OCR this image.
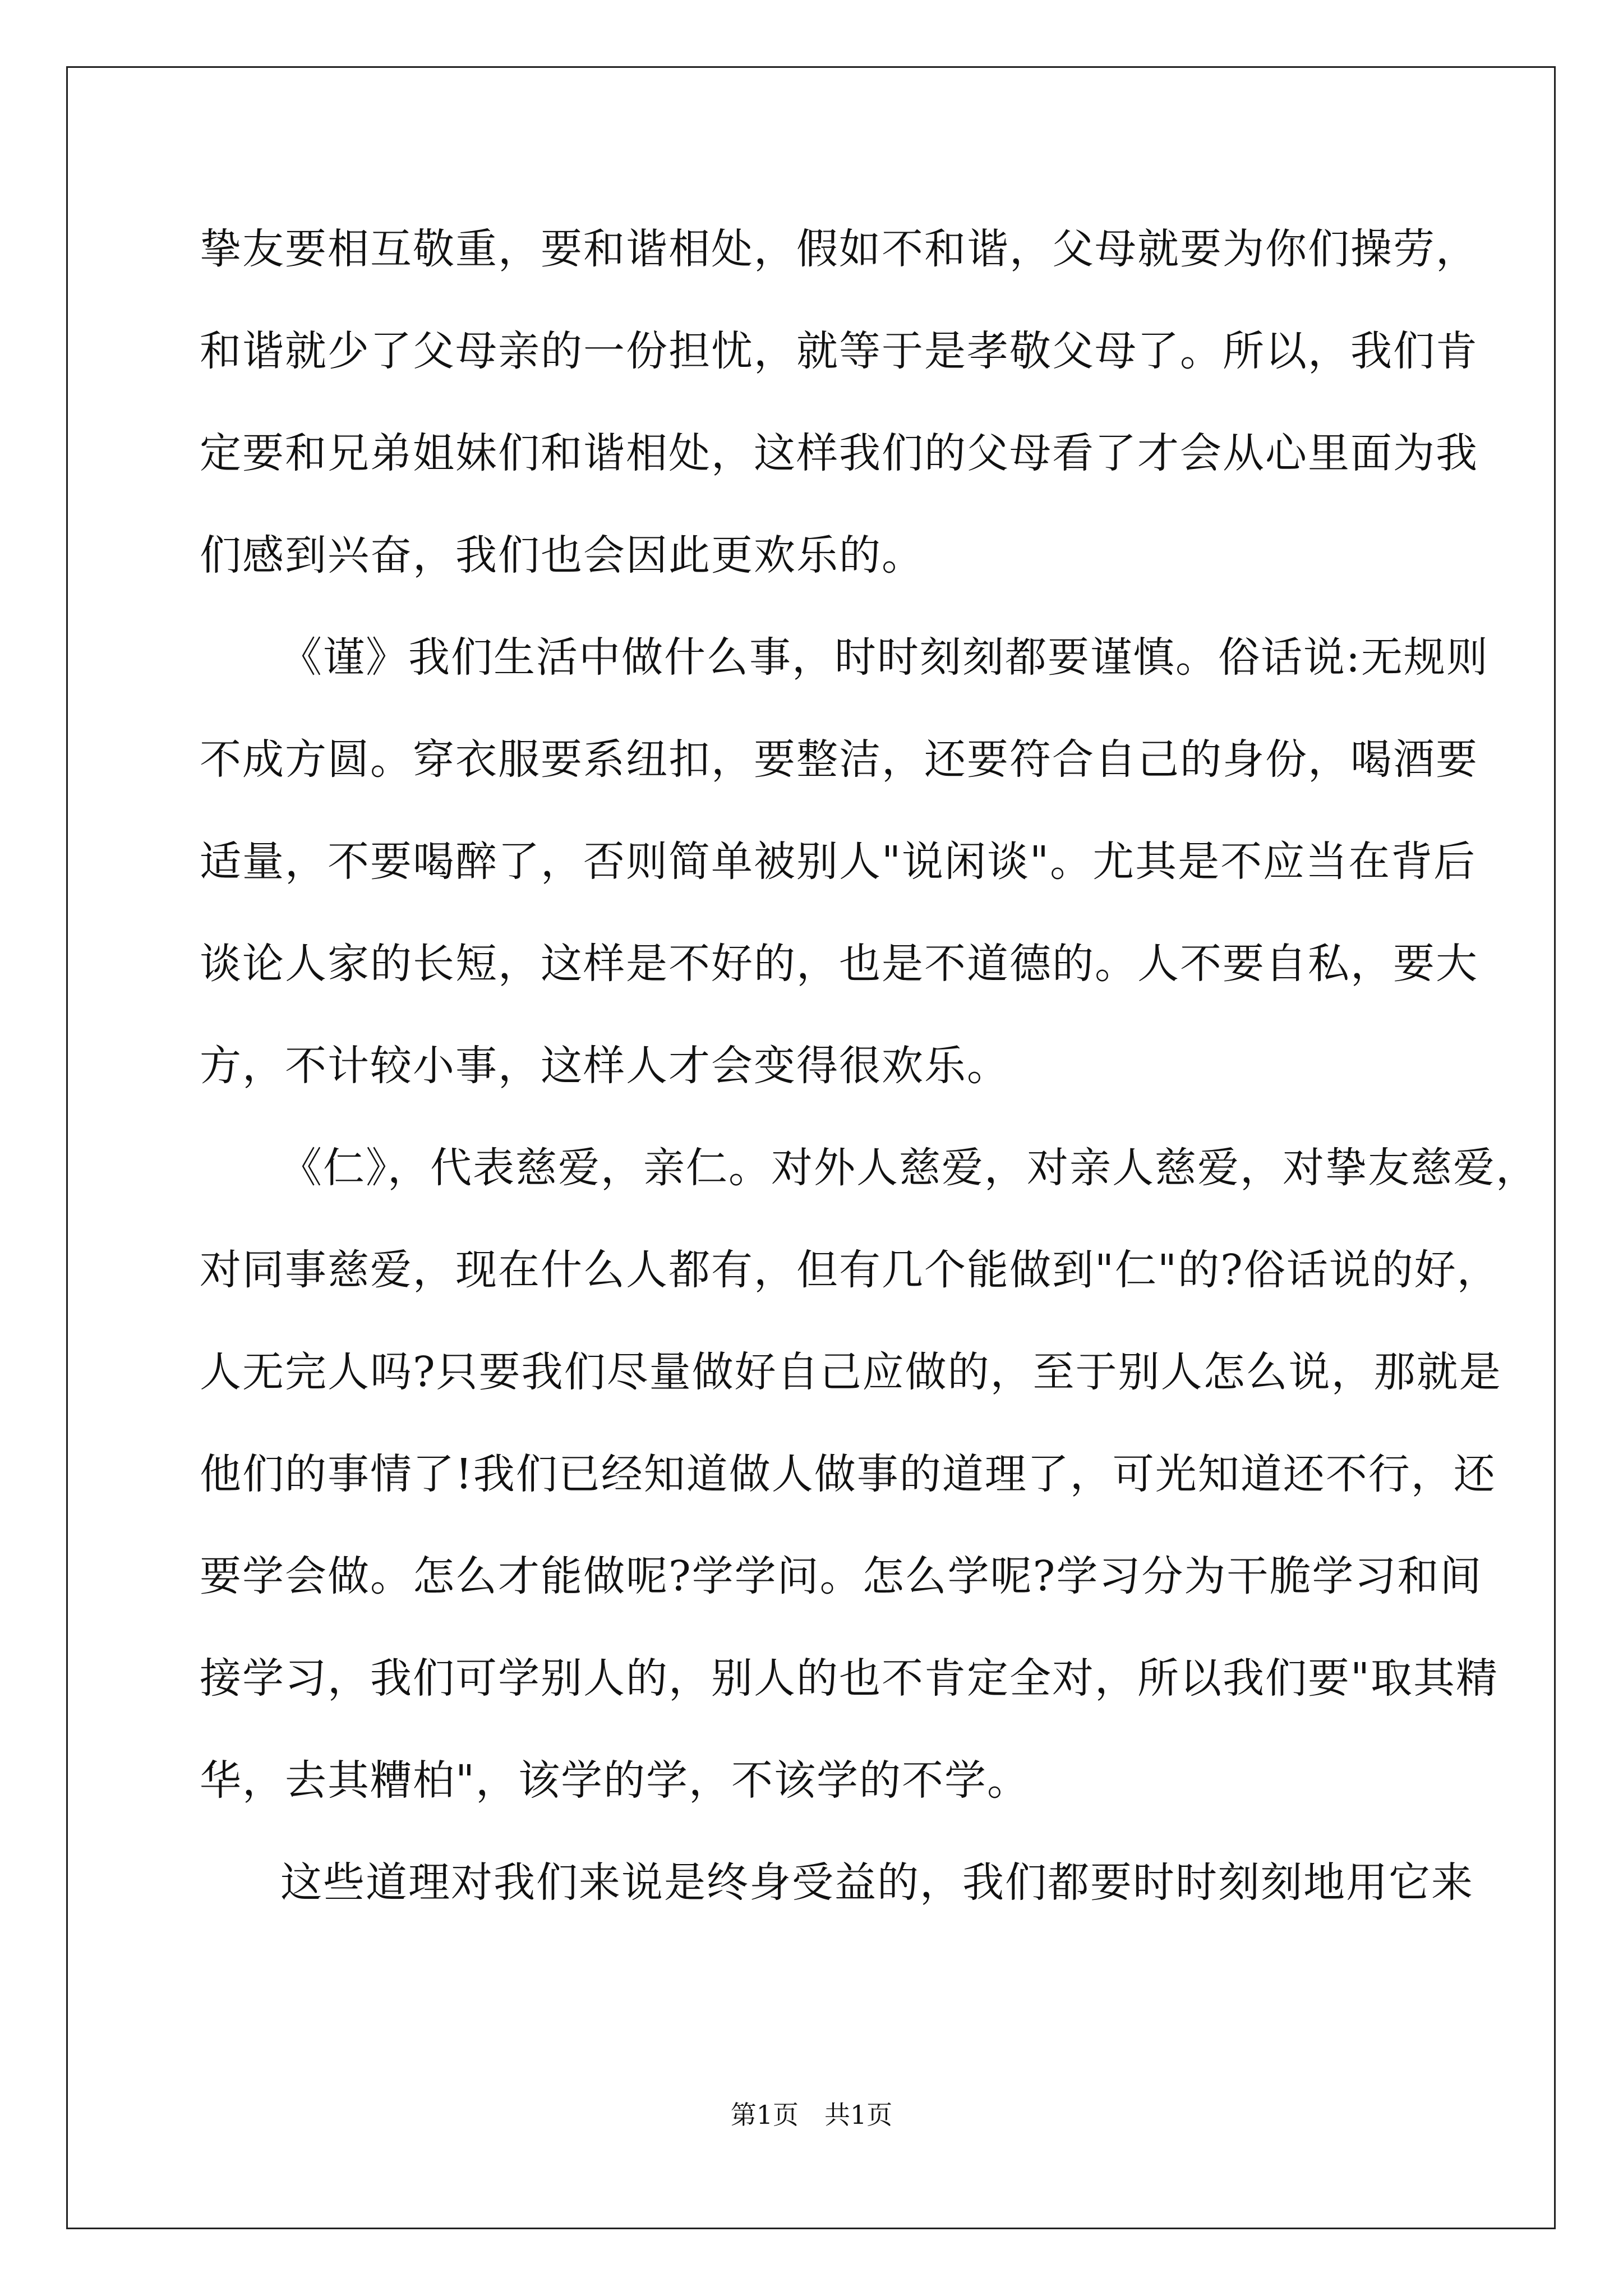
挚友要相互敬重，要和谐相处，假如不和谐，父母就要为你们操劳，
和谐就少了父母亲的一份担忧，就等于是孝敬父母了。所以，我们肯
定要和兄弟姐妹们和谐相处，这样我们的父母看了才会从心里面为我
们感到兴奋，我们也会因此更欢乐的。
《谨》我们生活中做什么事，时时刻刻都要谨慎。俗话说:无规则
不成方圆。穿衣服要系纽扣，要整洁，还要符合自己的身份，喝酒要
适量，不要喝醉了，否则简单被别人"说闲谈"。尤其是不应当在背后
谈论人家的长短，这样是不好的，也是不道德的。人不要自私，要大
方，不计较小事，这样人才会变得很欢乐。
《仁》，代表慈爱，亲仁。对外人慈爱，对亲人慈爱，对挚友慈爱，
对同事慈爱，现在什么人都有，但有几个能做到"仁"的?俗话说的好，
人无完人吗?只要我们尽量做好自己应做的，至于别人怎么说，那就是
他们的事情了!我们已经知道做人做事的道理了，可光知道还不行，还
要学会做。怎么才能做呢?学学问。怎么学呢?学习分为干脆学习和间
接学习，我们可学别人的，别人的也不肯定全对，所以我们要"取其精
华，去其糟柏"，该学的学，不该学的不学。
这些道理对我们来说是终身受益的，我们都要时时刻刻地用它来
第1页　共1页
